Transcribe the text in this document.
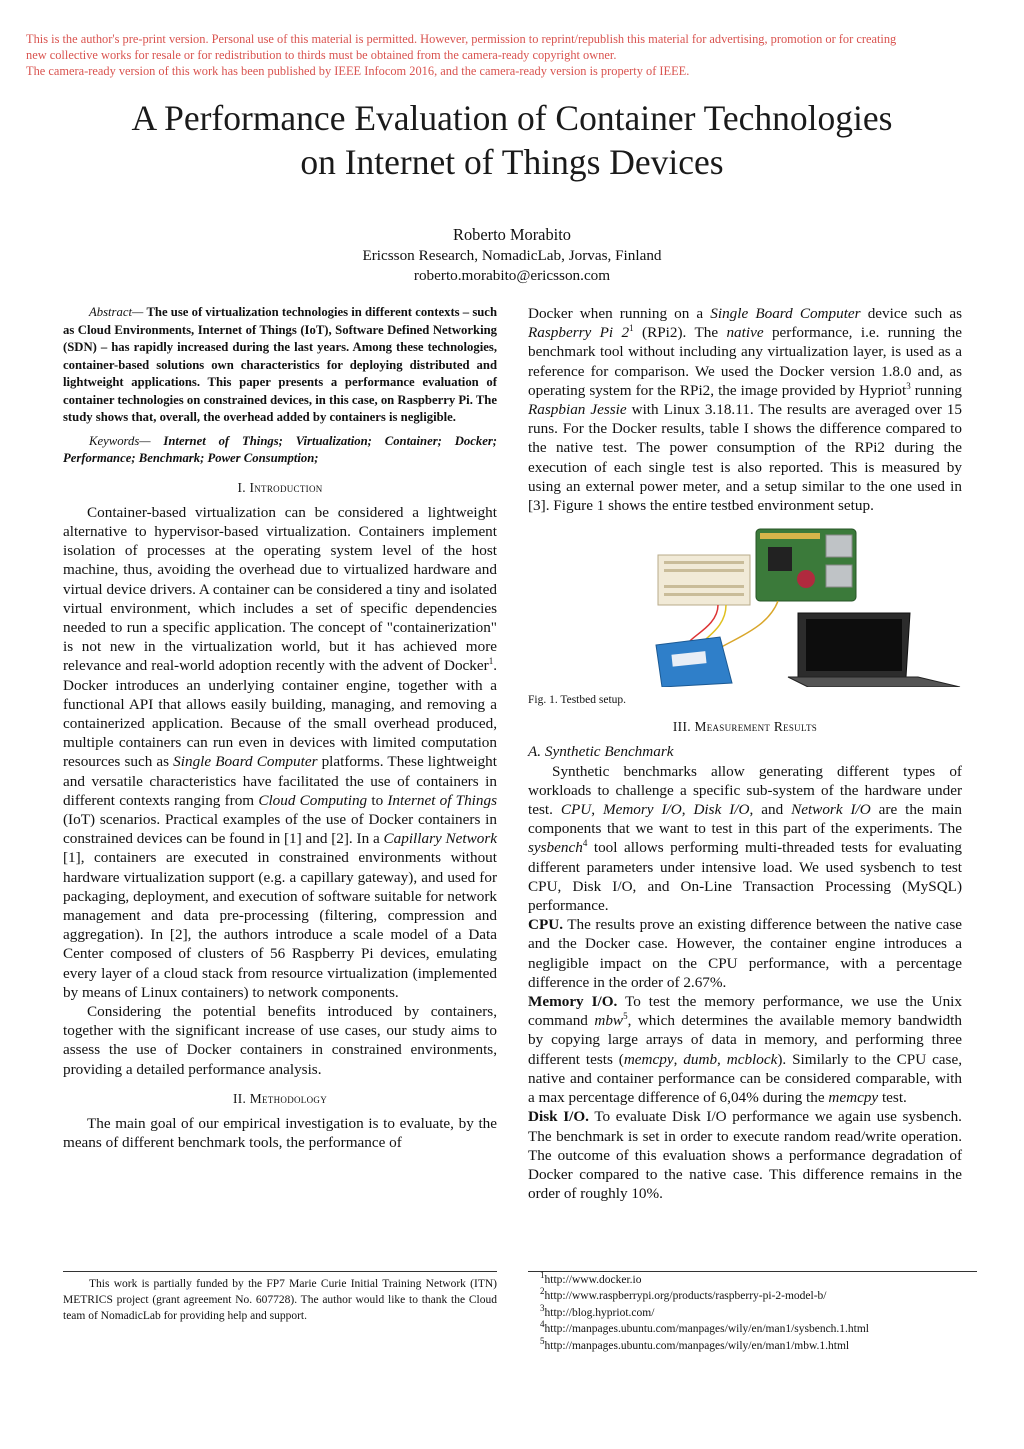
This is the author's pre-print version. Personal use of this material is permitted. However, permission to reprint/republish this material for advertising, promotion or for creating
new collective works for resale or for redistribution to thirds must be obtained from the camera-ready copyright owner.
The camera-ready version of this work has been published by IEEE Infocom 2016, and the camera-ready version is property of IEEE.
A Performance Evaluation of Container Technologies
on Internet of Things Devices
Roberto Morabito
Ericsson Research, NomadicLab, Jorvas, Finland
roberto.morabito@ericsson.com

Abstract— The use of virtualization technologies in different contexts – such as Cloud Environments, Internet of Things (IoT), Software Defined Networking (SDN) – has rapidly increased during the last years. Among these technologies, container-based solutions own characteristics for deploying distributed and lightweight applications. This paper presents a performance evaluation of container technologies on constrained devices, in this case, on Raspberry Pi. The study shows that, overall, the overhead added by containers is negligible.

Keywords— Internet of Things; Virtualization; Container; Docker; Performance; Benchmark; Power Consumption;

I. Introduction

Container-based virtualization can be considered a lightweight alternative to hypervisor-based virtualization. Containers implement isolation of processes at the operating system level of the host machine, thus, avoiding the overhead due to virtualized hardware and virtual device drivers. A container can be considered a tiny and isolated virtual environment, which includes a set of specific dependencies needed to run a specific application. The concept of "containerization" is not new in the virtualization world, but it has achieved more relevance and real-world adoption recently with the advent of Docker$^1$. Docker introduces an underlying container engine, together with a functional API that allows easily building, managing, and removing a containerized application. Because of the small overhead produced, multiple containers can run even in devices with limited computation resources such as Single Board Computer platforms. These lightweight and versatile characteristics have facilitated the use of containers in different contexts ranging from Cloud Computing to Internet of Things (IoT) scenarios. Practical examples of the use of Docker containers in constrained devices can be found in [1] and [2]. In a Capillary Network [1], containers are executed in constrained environments without hardware virtualization support (e.g. a capillary gateway), and used for packaging, deployment, and execution of software suitable for network management and data pre-processing (filtering, compression and aggregation). In [2], the authors introduce a scale model of a Data Center composed of clusters of 56 Raspberry Pi devices, emulating every layer of a cloud stack from resource virtualization (implemented by means of Linux containers) to network components.

Considering the potential benefits introduced by containers, together with the significant increase of use cases, our study aims to assess the use of Docker containers in constrained environments, providing a detailed performance analysis.

II. Methodology

The main goal of our empirical investigation is to evaluate, by the means of different benchmark tools, the performance of

Docker when running on a Single Board Computer device such as Raspberry Pi $2^1$ (RPi2). The native performance, i.e. running the benchmark tool without including any virtualization layer, is used as a reference for comparison. We used the Docker version 1.8.0 and, as operating system for the RPi2, the image provided by Hypriot$^3$ running Raspbian Jessie with Linux 3.18.11. The results are averaged over 15 runs. For the Docker results, table I shows the difference compared to the native test. The power consumption of the RPi2 during the execution of each single test is also reported. This is measured by using an external power meter, and a setup similar to the one used in [3]. Figure 1 shows the entire testbed environment setup.

Fig. 1. Testbed setup.
III. Measurement Results
A. Synthetic Benchmark

Synthetic benchmarks allow generating different types of workloads to challenge a specific sub-system of the hardware under test. CPU, Memory I/O, Disk I/O, and Network I/O are the main components that we want to test in this part of the experiments. The sysbench$^4$ tool allows performing multi-threaded tests for evaluating different parameters under intensive load. We used sysbench to test CPU, Disk I/O, and On-Line Transaction Processing (MySQL) performance.

CPU. The results prove an existing difference between the native case and the Docker case. However, the container engine introduces a negligible impact on the CPU performance, with a percentage difference in the order of 2.67%.

Memory I/O. To test the memory performance, we use the Unix command mbw$^5$, which determines the available memory bandwidth by copying large arrays of data in memory, and performing three different tests (memcpy, dumb, mcblock). Similarly to the CPU case, native and container performance can be considered comparable, with a max percentage difference of 6,04% during the memcpy test.

Disk I/O. To evaluate Disk I/O performance we again use sysbench. The benchmark is set in order to execute random read/write operation. The outcome of this evaluation shows a performance degradation of Docker compared to the native case. This difference remains in the order of roughly 10%.

This work is partially funded by the FP7 Marie Curie Initial Training Network (ITN) METRICS project (grant agreement No. 607728). The author would like to thank the Cloud team of NomadicLab for providing help and support.
$^1$http://www.docker.io
$^2$http://www.raspberrypi.org/products/raspberry-pi-2-model-b/
$^3$http://blog.hypriot.com/
$^4$http://manpages.ubuntu.com/manpages/wily/en/man1/sysbench.1.html
$^5$http://manpages.ubuntu.com/manpages/wily/en/man1/mbw.1.html
